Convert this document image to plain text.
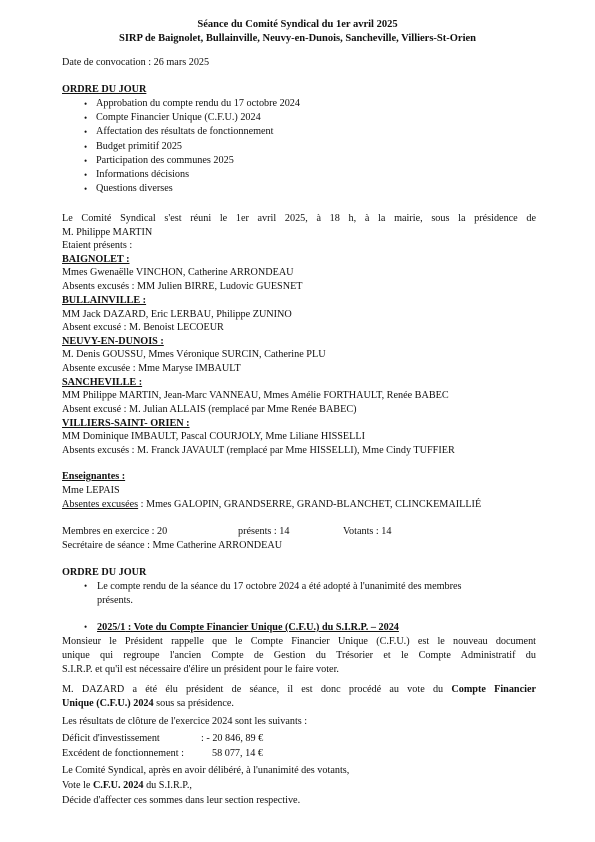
Séance du Comité Syndical du 1er avril 2025
SIRP de Baignolet, Bullainville, Neuvy-en-Dunois, Sancheville, Villiers-St-Orien
Date de convocation : 26 mars 2025
ORDRE DU JOUR
• Approbation du compte rendu du 17 octobre 2024
• Compte Financier Unique (C.F.U.) 2024
• Affectation des résultats de fonctionnement
• Budget primitif 2025
• Participation des communes 2025
• Informations décisions
• Questions diverses
Le Comité Syndical s'est réuni le 1er avril 2025, à 18 h, à la mairie, sous la présidence de
M. Philippe MARTIN
Etaient présents :
BAIGNOLET :
Mmes Gwenaëlle VINCHON, Catherine ARRONDEAU
Absents excusés : MM Julien BIRRE, Ludovic GUESNET
BULLAINVILLE :
MM Jack DAZARD, Eric LERBAU, Philippe ZUNINO
Absent excusé : M. Benoist LECOEUR
NEUVY-EN-DUNOIS :
M. Denis GOUSSU, Mmes Véronique SURCIN, Catherine PLU
Absente excusée : Mme Maryse IMBAULT
SANCHEVILLE :
MM Philippe MARTIN, Jean-Marc VANNEAU, Mmes Amélie FORTHAULT, Renée BABEC
Absent excusé : M. Julian ALLAIS (remplacé par Mme Renée BABEC)
VILLIERS-SAINT- ORIEN :
MM Dominique IMBAULT, Pascal COURJOLY, Mme Liliane HISSELLI
Absents excusés : M. Franck JAVAULT (remplacé par Mme HISSELLI), Mme Cindy TUFFIER
Enseignantes :
Mme LEPAIS
Absentes excusées : Mmes GALOPIN, GRANDSERRE, GRAND-BLANCHET, CLINCKEMAILLIÉ
Membres en exercice : 20	présents : 14	Votants : 14
Secrétaire de séance : Mme Catherine ARRONDEAU
ORDRE DU JOUR
• Le compte rendu de la séance du 17 octobre 2024 a été adopté à l'unanimité des membres
présents.
• 2025/1 : Vote du Compte Financier Unique (C.F.U.) du S.I.R.P. – 2024
Monsieur le Président rappelle que le Compte Financier Unique (C.F.U.) est le nouveau document
unique qui regroupe l'ancien Compte de Gestion du Trésorier et le Compte Administratif du
S.I.R.P. et qu'il est nécessaire d'élire un président pour le faire voter.
M. DAZARD a été élu président de séance, il est donc procédé au vote du Compte Financier
Unique (C.F.U.) 2024 sous sa présidence.
Les résultats de clôture de l'exercice 2024 sont les suivants :
Déficit d'investissement	: - 20 846, 89 €
Excédent de fonctionnement :	58 077, 14 €
Le Comité Syndical, après en avoir délibéré, à l'unanimité des votants,
Vote le C.F.U. 2024 du S.I.R.P.,
Décide d'affecter ces sommes dans leur section respective.
